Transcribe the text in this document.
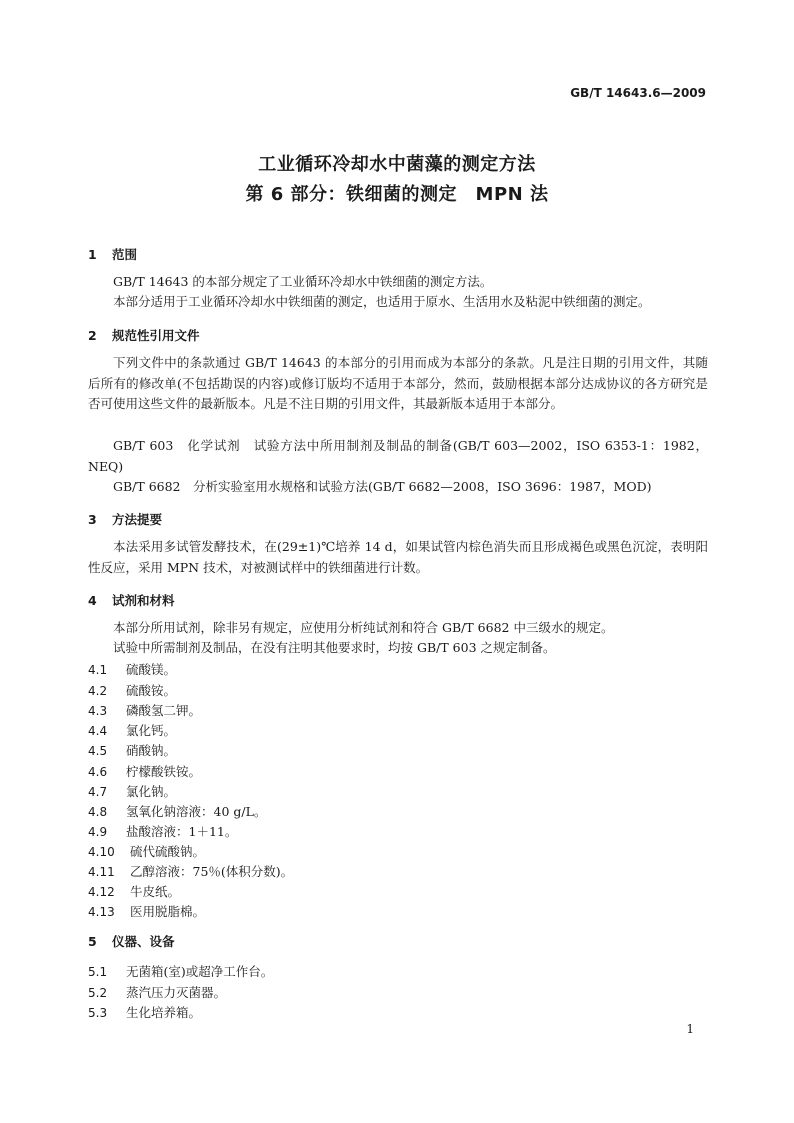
GB/T 14643.6—2009
工业循环冷却水中菌藻的测定方法
第 6 部分：铁细菌的测定　MPN 法
1 范围
GB/T 14643 的本部分规定了工业循环冷却水中铁细菌的测定方法。
本部分适用于工业循环冷却水中铁细菌的测定，也适用于原水、生活用水及粘泥中铁细菌的测定。
2 规范性引用文件
下列文件中的条款通过 GB/T 14643 的本部分的引用而成为本部分的条款。凡是注日期的引用文件，其随后所有的修改单(不包括勘误的内容)或修订版均不适用于本部分，然而，鼓励根据本部分达成协议的各方研究是否可使用这些文件的最新版本。凡是不注日期的引用文件，其最新版本适用于本部分。
GB/T 603　化学试剂　试验方法中所用制剂及制品的制备(GB/T 603—2002，ISO 6353-1：1982，NEQ)
GB/T 6682　分析实验室用水规格和试验方法(GB/T 6682—2008，ISO 3696：1987，MOD)
3 方法提要
本法采用多试管发酵技术，在(29±1)℃培养 14 d，如果试管内棕色消失而且形成褐色或黑色沉淀，表明阳性反应，采用 MPN 技术，对被测试样中的铁细菌进行计数。
4 试剂和材料
本部分所用试剂，除非另有规定，应使用分析纯试剂和符合 GB/T 6682 中三级水的规定。
试验中所需制剂及制品，在没有注明其他要求时，均按 GB/T 603 之规定制备。
4.1 硫酸镁。
4.2 硫酸铵。
4.3 磷酸氢二钾。
4.4 氯化钙。
4.5 硝酸钠。
4.6 柠檬酸铁铵。
4.7 氯化钠。
4.8 氢氧化钠溶液：40 g/L。
4.9 盐酸溶液：1＋11。
4.10 硫代硫酸钠。
4.11 乙醇溶液：75％(体积分数)。
4.12 牛皮纸。
4.13 医用脱脂棉。
5 仪器、设备
5.1 无菌箱(室)或超净工作台。
5.2 蒸汽压力灭菌器。
5.3 生化培养箱。
1
